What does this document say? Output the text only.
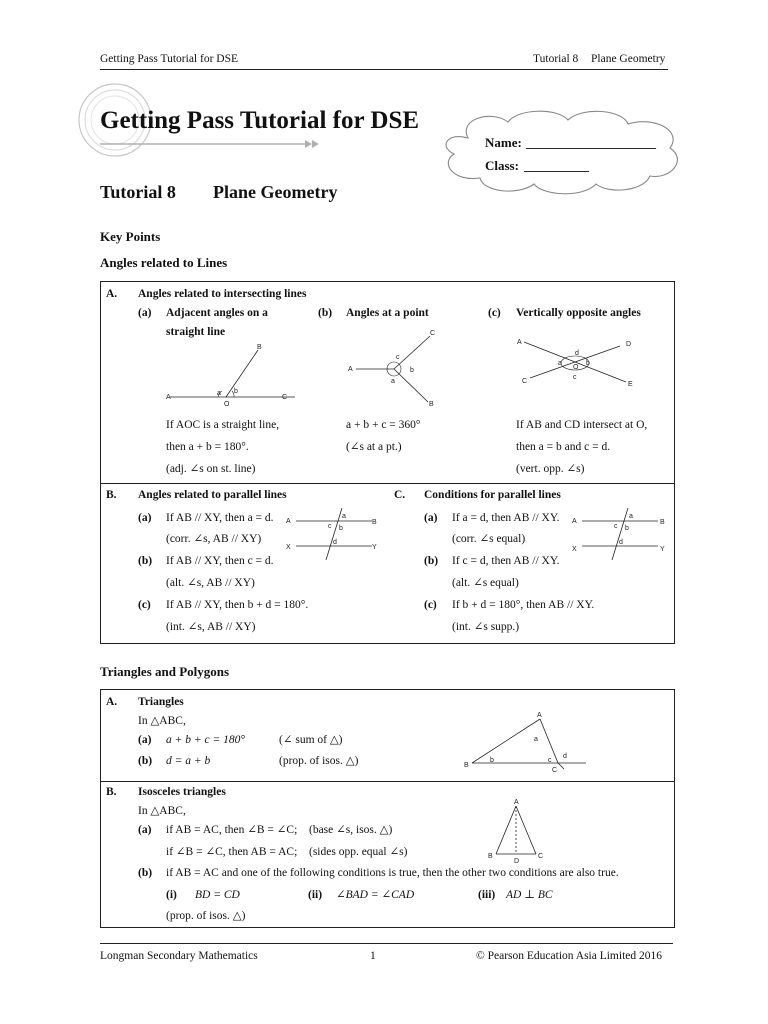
Getting Pass Tutorial for DSE	Tutorial 8 Plane Geometry
Getting Pass Tutorial for DSE
Name: ____________________
Class: __________
Tutorial 8 Plane Geometry
Key Points
Angles related to Lines
A. Angles related to intersecting lines
(a) Adjacent angles on a
straight line
(b) Angles at a point	(c) Vertically opposite angles
A
B
C
O
a b
A
C
B
c
b
a
A	D
C	E
O
a	b
d
c
If AOC is a straight line,
then a + b = 180°.
(adj. ∠s on st. line)
a + b + c = 360°
(∠s at a pt.)
If AB and CD intersect at O,
then a = b and c = d.
(vert. opp. ∠s)
B. Angles related to parallel lines
(a) If AB // XY, then a = d.
(corr. ∠s, AB // XY)
(b) If AB // XY, then c = d.
(alt. ∠s, AB // XY)
(c) If AB // XY, then b + d = 180°.
(int. ∠s, AB // XY)
A	B
X	Y
a
c b
d
C. Conditions for parallel lines
(a) If a = d, then AB // XY.
(corr. ∠s equal)
(b) If c = d, then AB // XY.
(alt. ∠s equal)
(c) If b + d = 180°, then AB // XY.
(int. ∠s supp.)
A	B
X	Y
a
c b
d
Triangles and Polygons
A. Triangles
In △ABC,
(a) a + b + c = 180°	(∠ sum of △)
(b) d = a + b	(prop. of isos. △)	B
A
C
a
b	c
d
B. Isosceles triangles
In △ABC,
(a) if AB = AC, then ∠B = ∠C; (base ∠s, isos. △)
if ∠B = ∠C, then AB = AC; (sides opp. equal ∠s)
(b) if AB = AC and one of the following conditions is true, then the other two conditions are also true.
(i) BD = CD	(ii) ∠BAD = ∠CAD	(iii) AD ⊥ BC
(prop. of isos. △)
A
B	C
D
Longman Secondary Mathematics	1	© Pearson Education Asia Limited 2016
